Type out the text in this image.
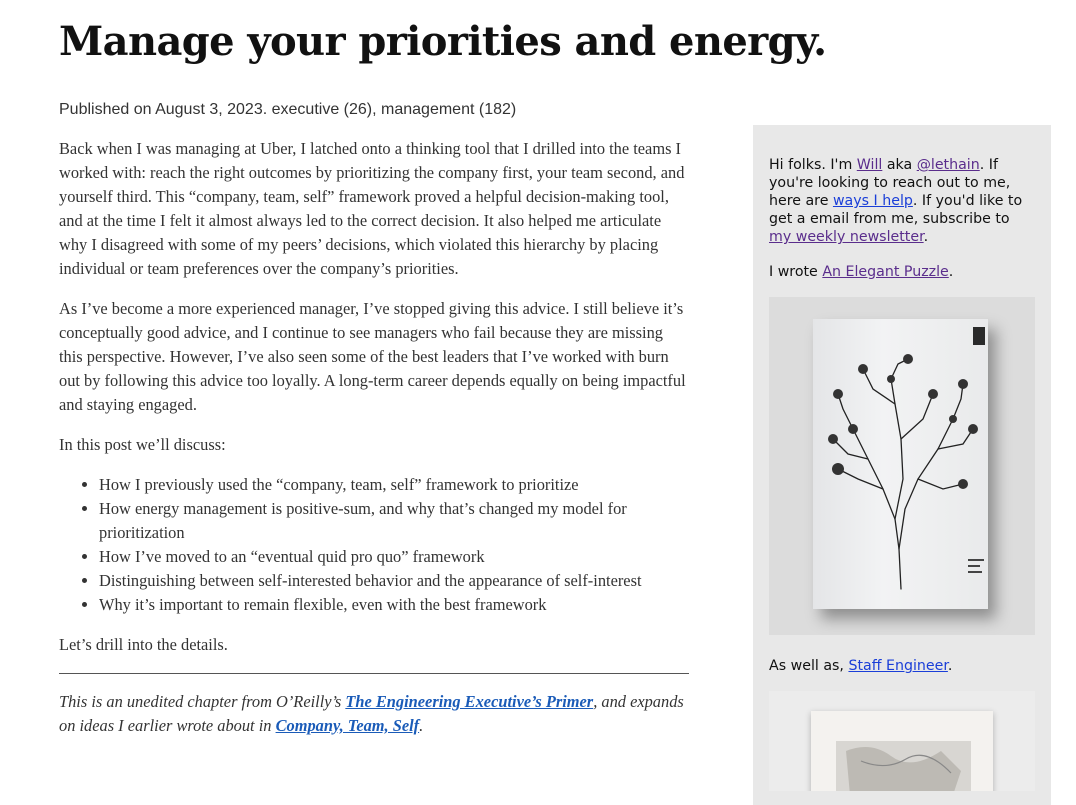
Manage your priorities and energy.
Published on August 3, 2023. executive (26), management (182)

Back when I was managing at Uber, I latched onto a thinking tool that I drilled into the teams I worked with: reach the right outcomes by prioritizing the company first, your team second, and yourself third. This “company, team, self” framework proved a helpful decision-making tool, and at the time I felt it almost always led to the correct decision. It also helped me articulate why I disagreed with some of my peers’ decisions, which violated this hierarchy by placing individual or team preferences over the company’s priorities.

As I’ve become a more experienced manager, I’ve stopped giving this advice. I still believe it’s conceptually good advice, and I continue to see managers who fail because they are missing this perspective. However, I’ve also seen some of the best leaders that I’ve worked with burn out by following this advice too loyally. A long-term career depends equally on being impactful and staying engaged.

In this post we’ll discuss:

• How I previously used the “company, team, self” framework to prioritize
• How energy management is positive-sum, and why that’s changed my model for prioritization
• How I’ve moved to an “eventual quid pro quo” framework
• Distinguishing between self-interested behavior and the appearance of self-interest
• Why it’s important to remain flexible, even with the best framework

Let’s drill into the details.

This is an unedited chapter from O’Reilly’s The Engineering Executive’s Primer, and expands on ideas I earlier wrote about in Company, Team, Self.

Hi folks. I'm Will aka @lethain. If you're looking to reach out to me, here are ways I help. If you'd like to get a email from me, subscribe to my weekly newsletter.

I wrote An Elegant Puzzle.

As well as, Staff Engineer.
